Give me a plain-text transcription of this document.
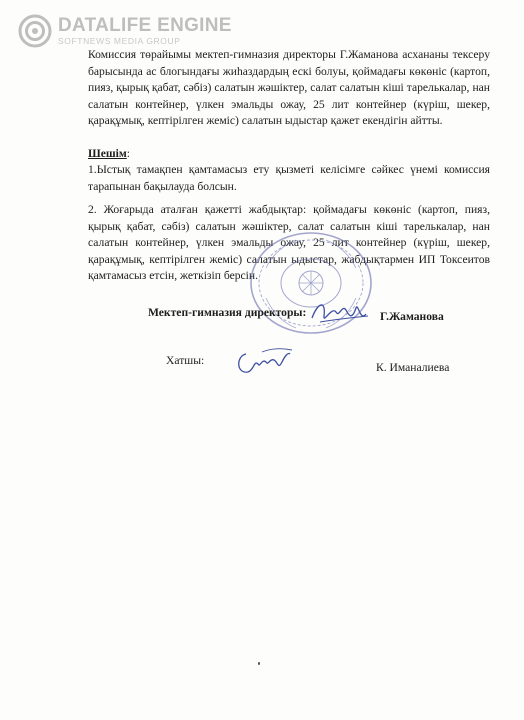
DATALIFE ENGINE
SOFTNEWS MEDIA GROUP

Комиссия төрайымы мектеп-гимназия директоры Г.Жаманова асхананы тексеру барысында ас блогындағы жиһаздардың ескі болуы, қоймадағы көкөніс (картоп, пияз, қырық қабат, сәбіз) салатын жәшіктер, салат салатын кіші тарелькалар, нан салатын контейнер, үлкен эмальды ожау, 25 лит контейнер (күріш, шекер, қарақұмық, кептірілген жеміс) салатын ыдыстар қажет екендігін айтты.

Шешім:

1.Ыстық тамақпен қамтамасыз ету қызметі келісімге сәйкес үнемі комиссия тарапынан бақылауда болсын.

2. Жоғарыда аталған қажетті жабдықтар: қоймадағы көкөніс (картоп, пияз, қырық қабат, сәбіз) салатын жәшіктер, салат салатын кіші тарелькалар, нан салатын контейнер, үлкен эмальды ожау, 25 лит контейнер (күріш, шекер, қарақұмық, кептірілген жеміс) салатын ыдыстар, жабдықтармен ИП Токсеитов қамтамасыз етсін, жеткізіп берсін.

Мектеп-гимназия директоры:	Г.Жаманова
Хатшы:
К. Иманалиева
